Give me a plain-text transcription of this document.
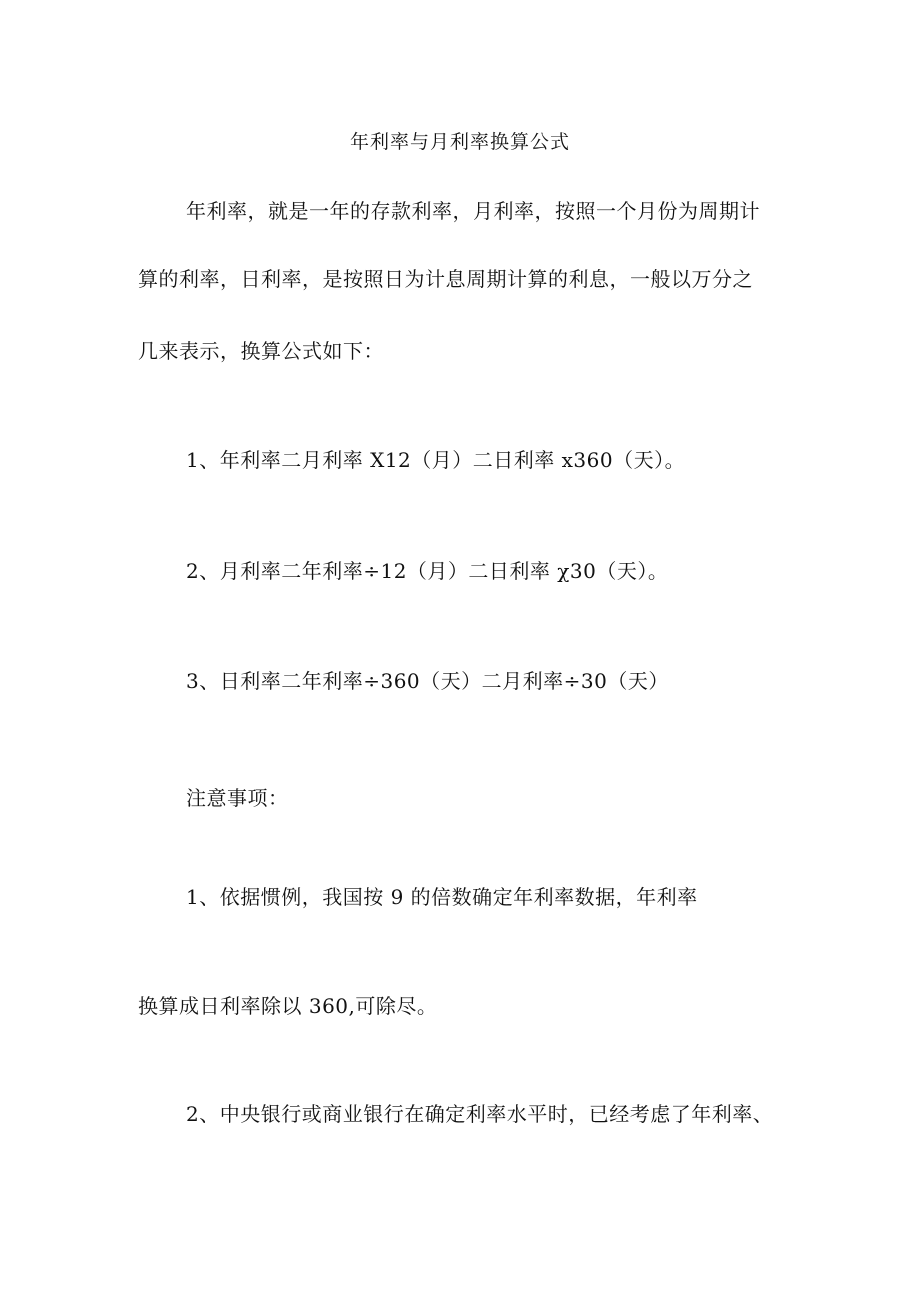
年利率与月利率换算公式
年利率，就是一年的存款利率，月利率，按照一个月份为周期计
算的利率，日利率，是按照日为计息周期计算的利息，一般以万分之
几来表示，换算公式如下：
1、年利率二月利率 X12（月）二日利率 x360（天）。
2、月利率二年利率÷12（月）二日利率 χ30（天）。
3、日利率二年利率÷360（天）二月利率÷30（天）
注意事项：
1、依据惯例，我国按 9 的倍数确定年利率数据，年利率
换算成日利率除以 360,可除尽。
2、中央银行或商业银行在确定利率水平时，已经考虑了年利率、
